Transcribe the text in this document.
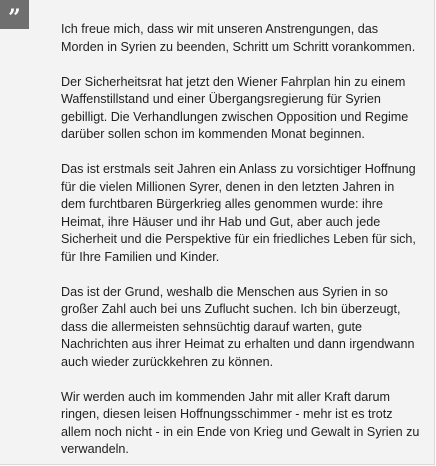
”	Ich freue mich, dass wir mit unseren Anstrengungen, das Morden in Syrien zu beenden, Schritt um Schritt vorankommen.

Der Sicherheitsrat hat jetzt den Wiener Fahrplan hin zu einem Waffenstillstand und einer Übergangsregierung für Syrien gebilligt. Die Verhandlungen zwischen Opposition und Regime darüber sollen schon im kommenden Monat beginnen.

Das ist erstmals seit Jahren ein Anlass zu vorsichtiger Hoffnung für die vielen Millionen Syrer, denen in den letzten Jahren in dem furchtbaren Bürgerkrieg alles genommen wurde: ihre Heimat, ihre Häuser und ihr Hab und Gut, aber auch jede Sicherheit und die Perspektive für ein friedliches Leben für sich, für Ihre Familien und Kinder.

Das ist der Grund, weshalb die Menschen aus Syrien in so großer Zahl auch bei uns Zuflucht suchen. Ich bin überzeugt, dass die allermeisten sehnsüchtig darauf warten, gute Nachrichten aus ihrer Heimat zu erhalten und dann irgendwann auch wieder zurückkehren zu können.

Wir werden auch im kommenden Jahr mit aller Kraft darum ringen, diesen leisen Hoffnungsschimmer - mehr ist es trotz allem noch nicht - in ein Ende von Krieg und Gewalt in Syrien zu verwandeln.
